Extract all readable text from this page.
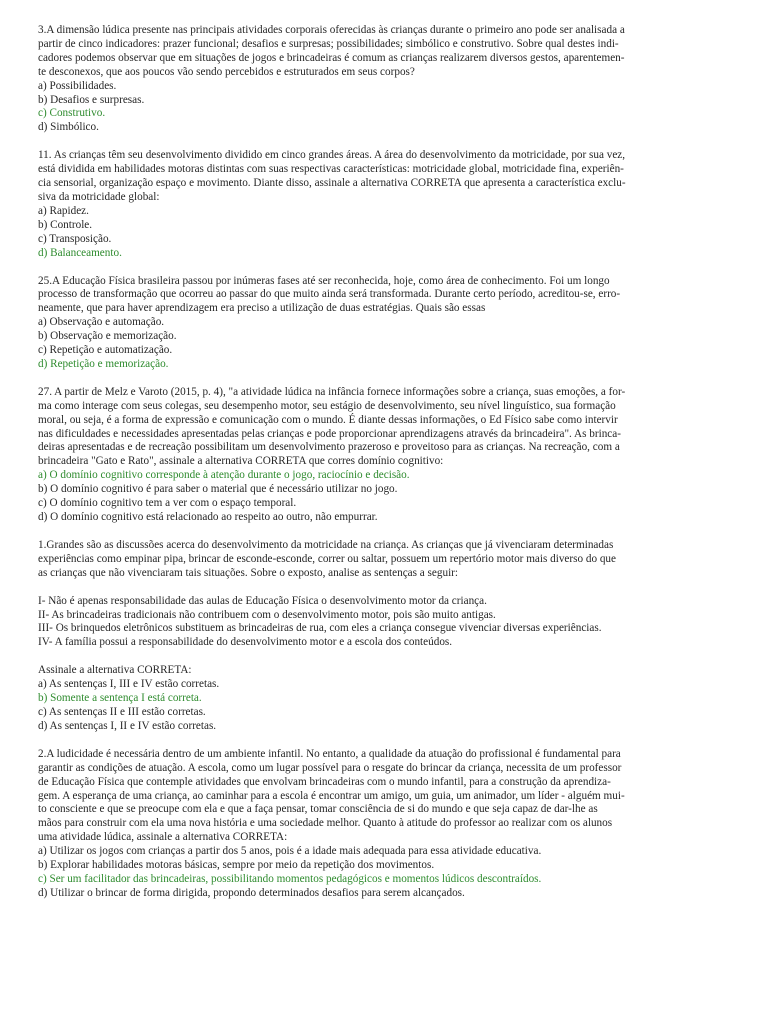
3.A dimensão lúdica presente nas principais atividades corporais oferecidas às crianças durante o primeiro ano pode ser analisada a
partir de cinco indicadores: prazer funcional; desafios e surpresas; possibilidades; simbólico e construtivo. Sobre qual destes indi-
cadores podemos observar que em situações de jogos e brincadeiras é comum as crianças realizarem diversos gestos, aparentemen-
te desconexos, que aos poucos vão sendo percebidos e estruturados em seus corpos?

a) Possibilidades.
b) Desafios e surpresas.
c) Construtivo.
d) Simbólico.

11. As crianças têm seu desenvolvimento dividido em cinco grandes áreas. A área do desenvolvimento da motricidade, por sua vez,
está dividida em habilidades motoras distintas com suas respectivas características: motricidade global, motricidade fina, experiên-
cia sensorial, organização espaço e movimento. Diante disso, assinale a alternativa CORRETA que apresenta a característica exclu-
siva da motricidade global:

a) Rapidez.
b) Controle.
c) Transposição.
d) Balanceamento.

25.A Educação Física brasileira passou por inúmeras fases até ser reconhecida, hoje, como área de conhecimento. Foi um longo
processo de transformação que ocorreu ao passar do que muito ainda será transformada. Durante certo período, acreditou-se, erro-
neamente, que para haver aprendizagem era preciso a utilização de duas estratégias. Quais são essas

a) Observação e automação.
b) Observação e memorização.
c) Repetição e automatização.
d) Repetição e memorização.

27. A partir de Melz e Varoto (2015, p. 4), "a atividade lúdica na infância fornece informações sobre a criança, suas emoções, a for-
ma como interage com seus colegas, seu desempenho motor, seu estágio de desenvolvimento, seu nível linguístico, sua formação
moral, ou seja, é a forma de expressão e comunicação com o mundo. É diante dessas informações, o Ed Físico sabe como intervir
nas dificuldades e necessidades apresentadas pelas crianças e pode proporcionar aprendizagens através da brincadeira". As brinca-
deiras apresentadas e de recreação possibilitam um desenvolvimento prazeroso e proveitoso para as crianças. Na recreação, com a
brincadeira "Gato e Rato", assinale a alternativa CORRETA que corres domínio cognitivo:

a) O domínio cognitivo corresponde à atenção durante o jogo, raciocínio e decisão.
b) O domínio cognitivo é para saber o material que é necessário utilizar no jogo.
c) O domínio cognitivo tem a ver com o espaço temporal.
d) O domínio cognitivo está relacionado ao respeito ao outro, não empurrar.

1.Grandes são as discussões acerca do desenvolvimento da motricidade na criança. As crianças que já vivenciaram determinadas
experiências como empinar pipa, brincar de esconde-esconde, correr ou saltar, possuem um repertório motor mais diverso do que
as crianças que não vivenciaram tais situações. Sobre o exposto, analise as sentenças a seguir:

I- Não é apenas responsabilidade das aulas de Educação Física o desenvolvimento motor da criança.
II- As brincadeiras tradicionais não contribuem com o desenvolvimento motor, pois são muito antigas.
III- Os brinquedos eletrônicos substituem as brincadeiras de rua, com eles a criança consegue vivenciar diversas experiências.
IV- A família possui a responsabilidade do desenvolvimento motor e a escola dos conteúdos.
Assinale a alternativa CORRETA:
a) As sentenças I, III e IV estão corretas.
b) Somente a sentença I está correta.
c) As sentenças II e III estão corretas.
d) As sentenças I, II e IV estão corretas.

2.A ludicidade é necessária dentro de um ambiente infantil. No entanto, a qualidade da atuação do profissional é fundamental para
garantir as condições de atuação. A escola, como um lugar possível para o resgate do brincar da criança, necessita de um professor
de Educação Física que contemple atividades que envolvam brincadeiras com o mundo infantil, para a construção da aprendiza-
gem. A esperança de uma criança, ao caminhar para a escola é encontrar um amigo, um guia, um animador, um líder - alguém mui-
to consciente e que se preocupe com ela e que a faça pensar, tomar consciência de si do mundo e que seja capaz de dar-lhe as
mãos para construir com ela uma nova história e uma sociedade melhor. Quanto à atitude do professor ao realizar com os alunos
uma atividade lúdica, assinale a alternativa CORRETA:

a) Utilizar os jogos com crianças a partir dos 5 anos, pois é a idade mais adequada para essa atividade educativa.
b) Explorar habilidades motoras básicas, sempre por meio da repetição dos movimentos.
c) Ser um facilitador das brincadeiras, possibilitando momentos pedagógicos e momentos lúdicos descontraídos.
d) Utilizar o brincar de forma dirigida, propondo determinados desafios para serem alcançados.
